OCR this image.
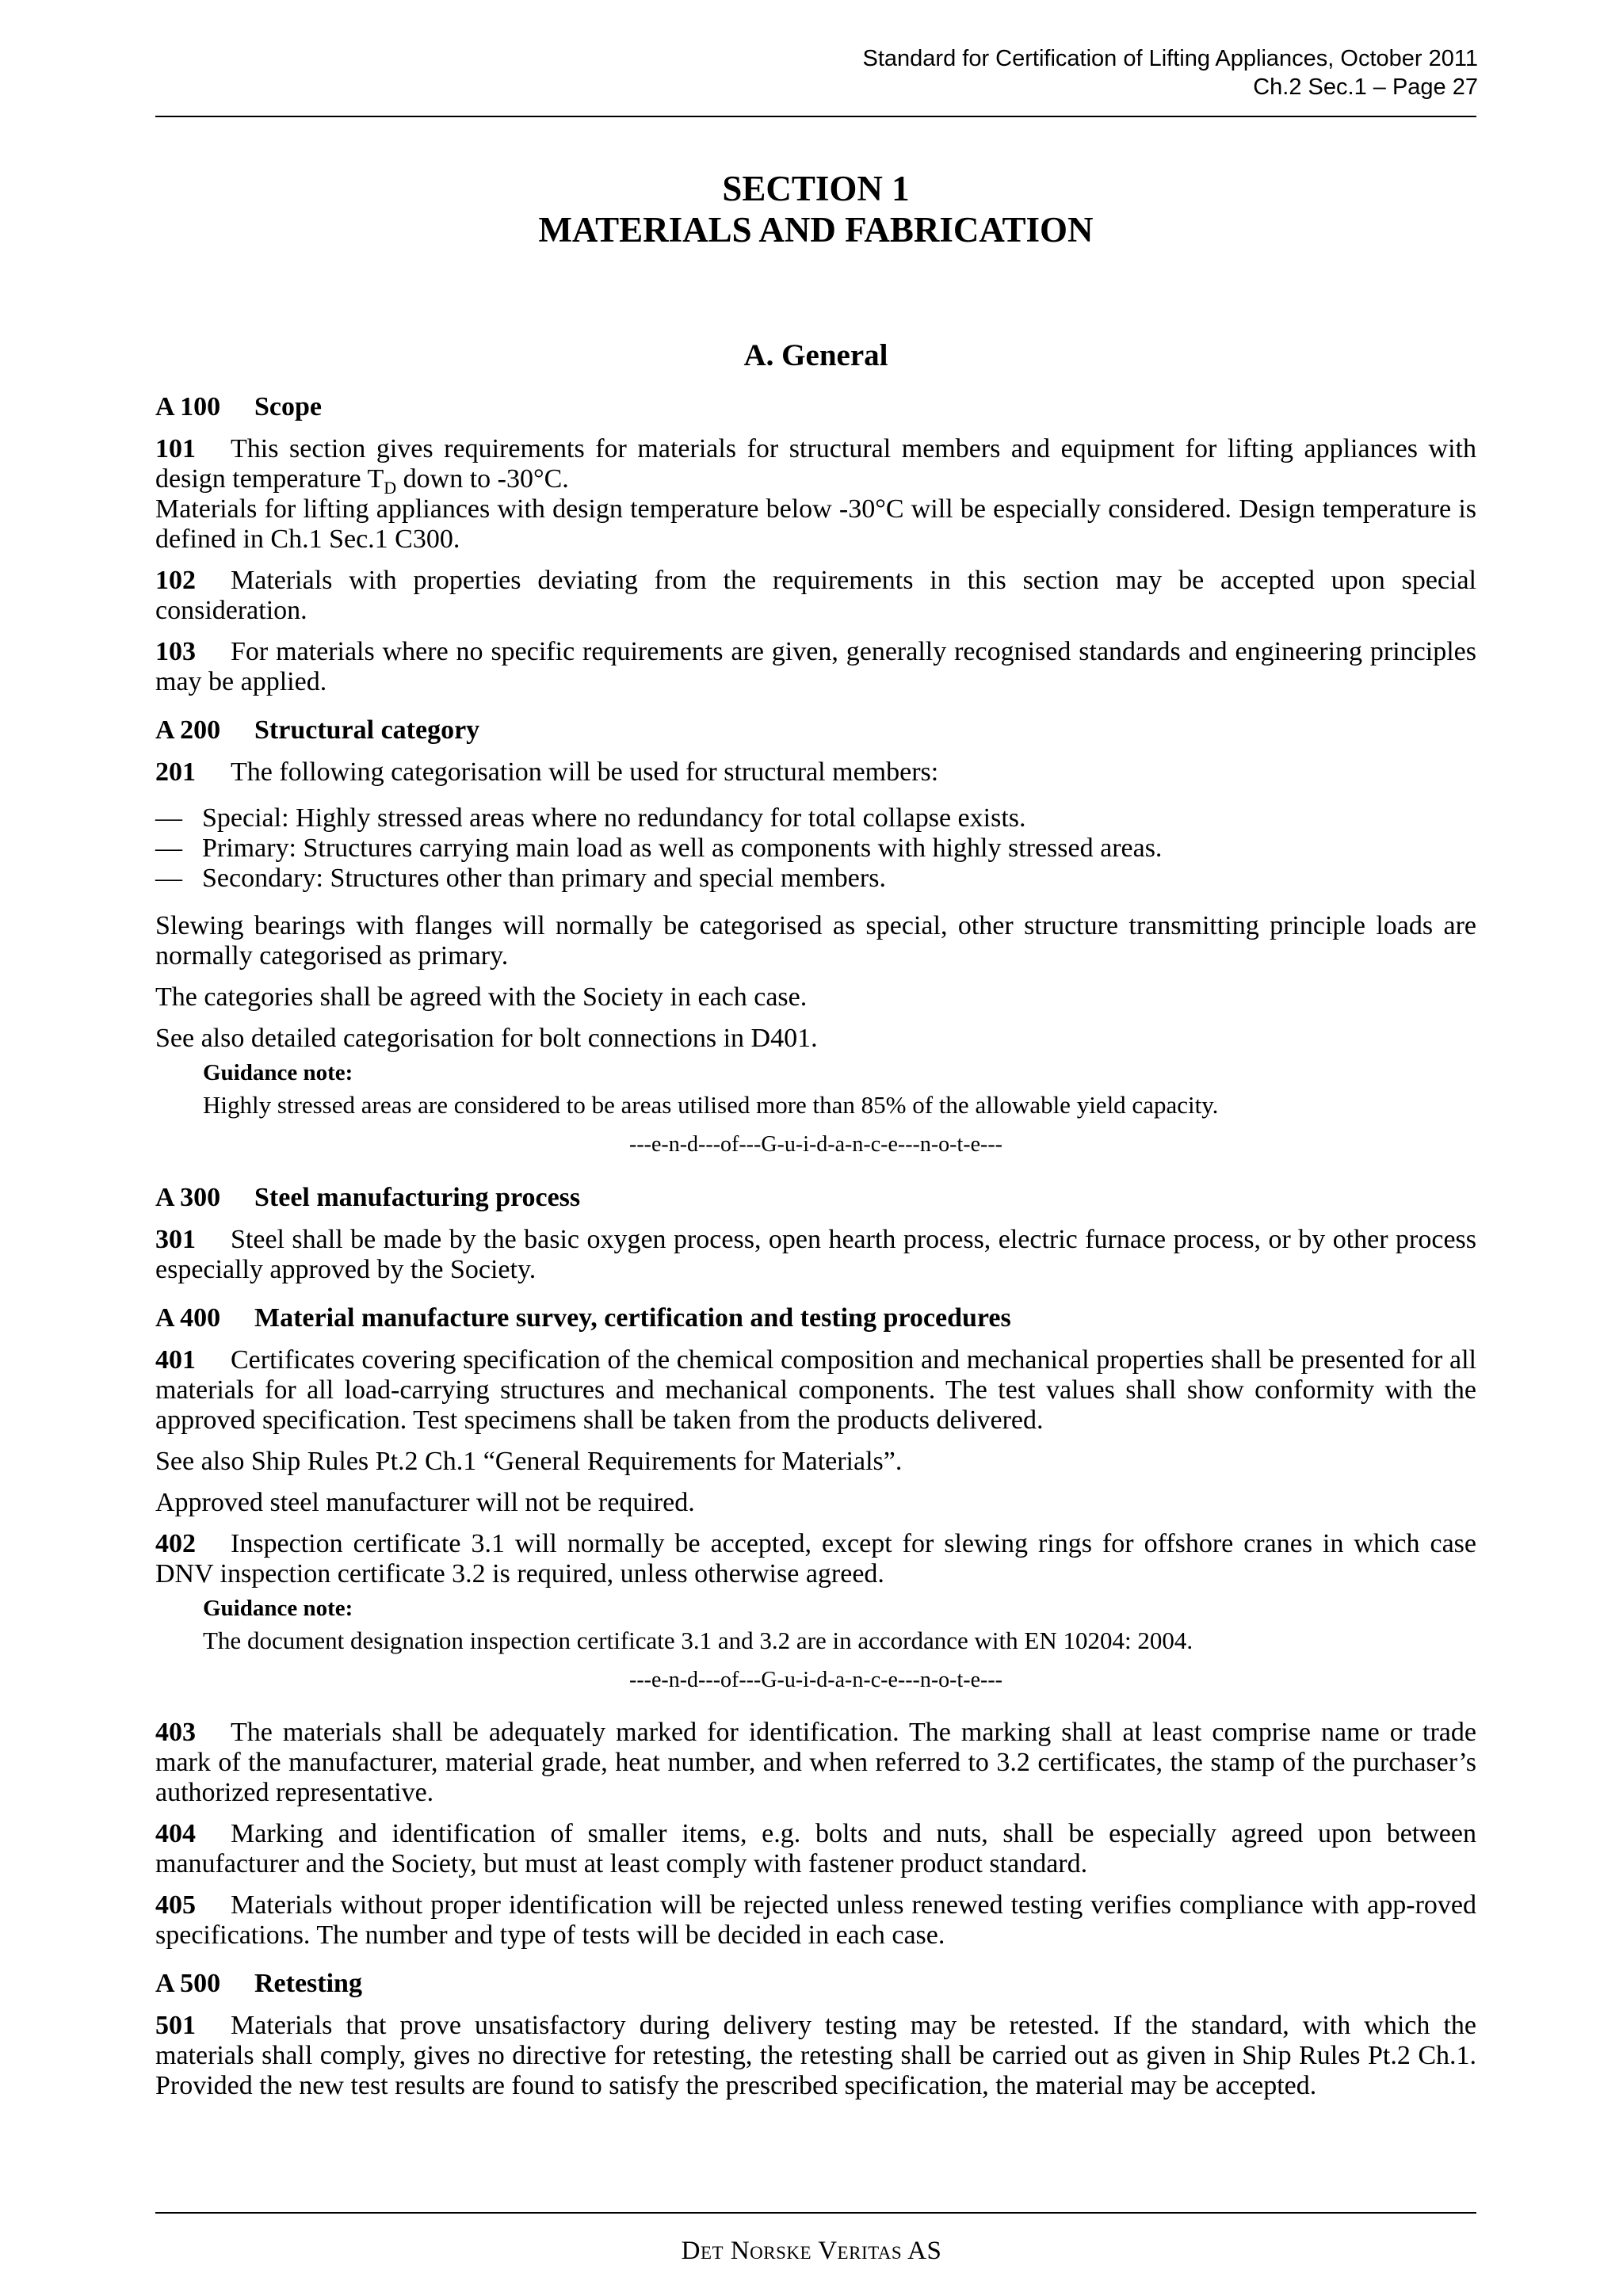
Standard for Certification of Lifting Appliances, October 2011
Ch.2 Sec.1 – Page 27
SECTION 1
MATERIALS AND FABRICATION
A. General
A 100 Scope

101 This section gives requirements for materials for structural members and equipment for lifting appliances with design temperature $T_D$ down to -30°C.
Materials for lifting appliances with design temperature below -30°C will be especially considered. Design temperature is defined in Ch.1 Sec.1 C300.

102 Materials with properties deviating from the requirements in this section may be accepted upon special consideration.

103 For materials where no specific requirements are given, generally recognised standards and engineering principles may be applied.

A 200 Structural category

201 The following categorisation will be used for structural members:

— Special: Highly stressed areas where no redundancy for total collapse exists.
— Primary: Structures carrying main load as well as components with highly stressed areas.
— Secondary: Structures other than primary and special members.

Slewing bearings with flanges will normally be categorised as special, other structure transmitting principle loads are normally categorised as primary.

The categories shall be agreed with the Society in each case.

See also detailed categorisation for bolt connections in D401.

Guidance note:
Highly stressed areas are considered to be areas utilised more than 85% of the allowable yield capacity.
---e-n-d---of---G-u-i-d-a-n-c-e---n-o-t-e---
A 300 Steel manufacturing process

301 Steel shall be made by the basic oxygen process, open hearth process, electric furnace process, or by other process especially approved by the Society.

A 400 Material manufacture survey, certification and testing procedures

401 Certificates covering specification of the chemical composition and mechanical properties shall be presented for all materials for all load-carrying structures and mechanical components. The test values shall show conformity with the approved specification. Test specimens shall be taken from the products delivered.

See also Ship Rules Pt.2 Ch.1 “General Requirements for Materials”.

Approved steel manufacturer will not be required.

402 Inspection certificate 3.1 will normally be accepted, except for slewing rings for offshore cranes in which case DNV inspection certificate 3.2 is required, unless otherwise agreed.

Guidance note:
The document designation inspection certificate 3.1 and 3.2 are in accordance with EN 10204: 2004.
---e-n-d---of---G-u-i-d-a-n-c-e---n-o-t-e---

403 The materials shall be adequately marked for identification. The marking shall at least comprise name or trade mark of the manufacturer, material grade, heat number, and when referred to 3.2 certificates, the stamp of the purchaser’s authorized representative.

404 Marking and identification of smaller items, e.g. bolts and nuts, shall be especially agreed upon between manufacturer and the Society, but must at least comply with fastener product standard.

405 Materials without proper identification will be rejected unless renewed testing verifies compliance with app-roved specifications. The number and type of tests will be decided in each case.

A 500 Retesting

501 Materials that prove unsatisfactory during delivery testing may be retested. If the standard, with which the materials shall comply, gives no directive for retesting, the retesting shall be carried out as given in Ship Rules Pt.2 Ch.1. Provided the new test results are found to satisfy the prescribed specification, the material may be accepted.

Det Norske Veritas AS
